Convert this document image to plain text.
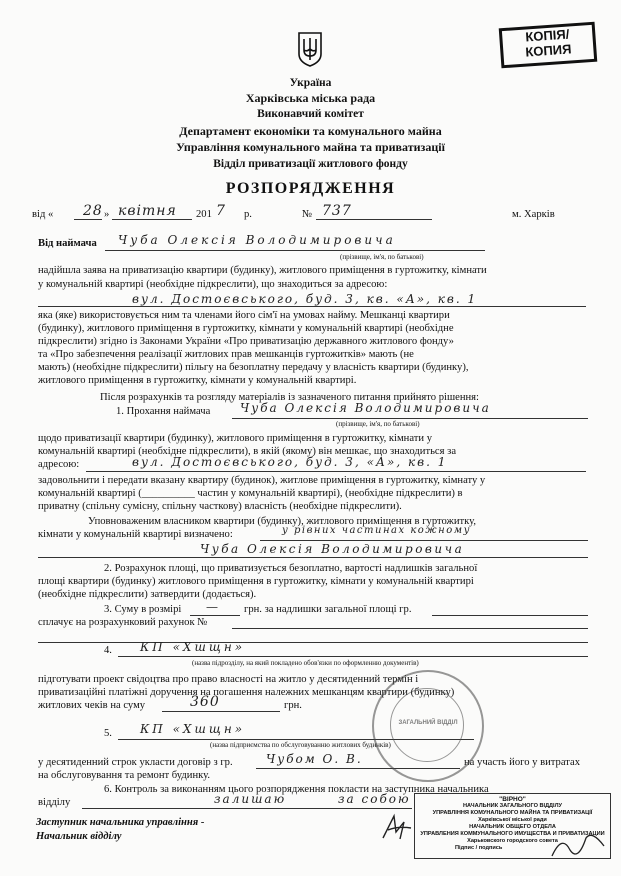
КОПІЯ/
КОПИЯ
Україна
Харківська міська рада
Виконавчий комітет
Департамент економіки та комунального майна
Управління комунального майна та приватизації
Відділ приватизації житлового фонду
РОЗПОРЯДЖЕННЯ
від « 28 » квітня 201 7 р.	№ 737	м. Харків
Від наймача Чуба Олексія Володимировича
(прізвище, ім'я, по батькові)
надійшла заява на приватизацію квартири (будинку), житлового приміщення в гуртожитку, кімнати
у комунальній квартирі (необхідне підкреслити), що знаходиться за адресою:
вул. Достоєвського, буд. 3, кв. «А», кв. 1
яка (яке) використовується ним та членами його сім'ї на умовах найму. Мешканці квартири
(будинку), житлового приміщення в гуртожитку, кімнати у комунальній квартирі (необхідне
підкреслити) згідно із Законами України «Про приватизацію державного житлового фонду»
та «Про забезпечення реалізації житлових прав мешканців гуртожитків» мають (не
мають) (необхідне підкреслити) пільгу на безоплатну передачу у власність квартири (будинку),
житлового приміщення в гуртожитку, кімнати у комунальній квартирі.
Після розрахунків та розгляду матеріалів із зазначеного питання прийнято рішення:
1. Прохання наймача Чуба Олексія Володимировича
(прізвище, ім'я, по батькові)
щодо приватизації квартири (будинку), житлового приміщення в гуртожитку, кімнати у
комунальній квартирі (необхідне підкреслити), в якій (якому) він мешкає, що знаходиться за
адресою:	вул. Достоєвського, буд. 3, «А», кв. 1
задовольнити і передати вказану квартиру (будинок), житлове приміщення в гуртожитку, кімнату у
комунальній квартирі (__________ частин у комунальній квартирі), (необхідне підкреслити) в
приватну (спільну сумісну, спільну часткову) власність (необхідне підкреслити).
Уповноваженим власником квартири (будинку), житлового приміщення в гуртожитку,
кімнати у комунальній квартирі визначено:	у рівних частинах кожному
Чуба Олексія Володимировича
2. Розрахунок площі, що приватизується безоплатно, вартості надлишків загальної
площі квартири (будинку) житлового приміщення в гуртожитку, кімнати у комунальній квартирі
(необхідне підкреслити) затвердити (додається).
3. Суму в розмірі — грн. за надлишки загальної площі гр.
сплачує на розрахунковий рахунок №
4. КП «Хшщн»
(назва підрозділу, на який покладено обов'язки по оформленню документів)
підготувати проект свідоцтва про право власності на житло у десятиденний термін і
приватизаційні платіжні доручення на погашення належних мешканцям квартири (будинку)
житлових чеків на суму	360	грн.
5. КП «Хшщн»
(назва підприємства по обслуговуванню житлових будинків)
у десятиденний строк укласти договір з гр.	Чубом О. В.	на участь його у витратах
на обслуговування та ремонт будинку.
6. Контроль за виконанням цього розпорядження покласти на заступника начальника
відділу	залишаю	за собою
Заступник начальника управління -
Начальник відділу
ЗАГАЛЬНИЙ ВІДДІЛ
"ВІРНО"
НАЧАЛЬНИК ЗАГАЛЬНОГО ВІДДІЛУ
УПРАВЛІННЯ КОМУНАЛЬНОГО МАЙНА ТА ПРИВАТИЗАЦІЇ
Харківської міської ради
НАЧАЛЬНИК ОБЩЕГО ОТДЕЛА
УПРАВЛЕНИЯ КОММУНАЛЬНОГО ИМУЩЕСТВА И ПРИВАТИЗАЦИИ
Харьковского городского совета
Підпис / подпись
